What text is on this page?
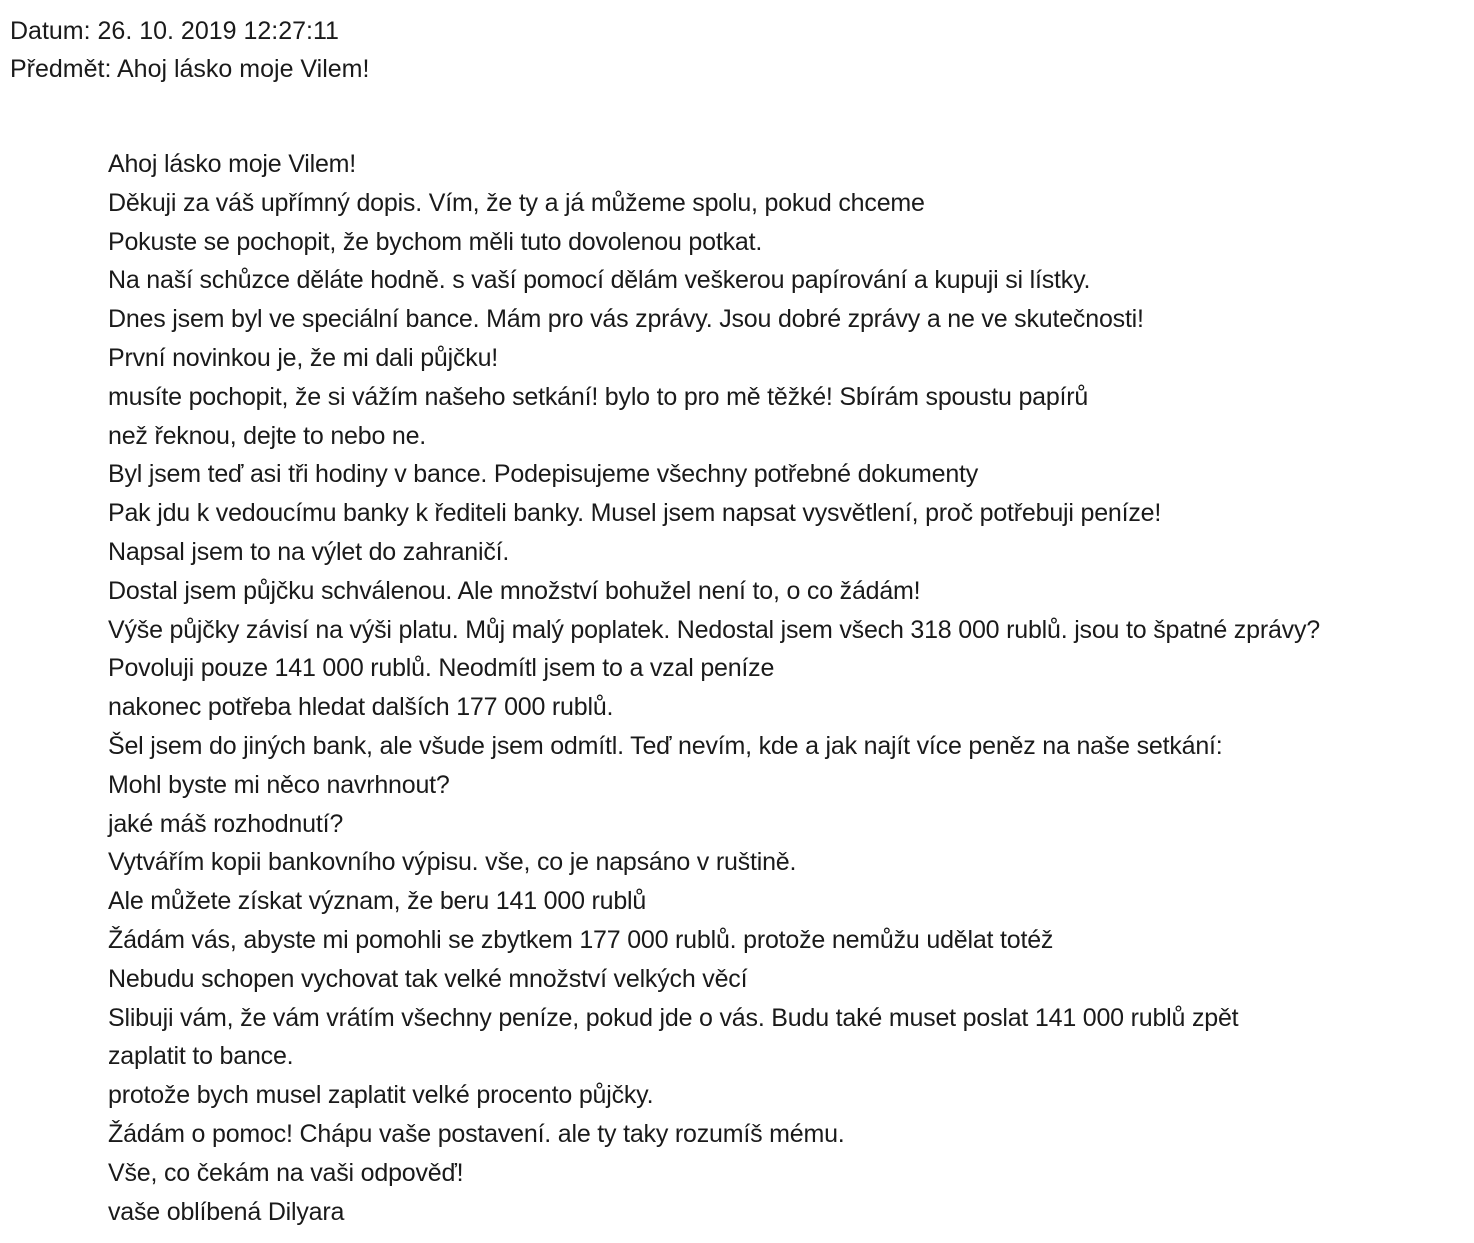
Datum: 26. 10. 2019 12:27:11
Předmět: Ahoj lásko moje Vilem!
Ahoj lásko moje Vilem!
Děkuji za váš upřímný dopis. Vím, že ty a já můžeme spolu, pokud chceme
Pokuste se pochopit, že bychom měli tuto dovolenou potkat.
Na naší schůzce děláte hodně. s vaší pomocí dělám veškerou papírování a kupuji si lístky.
Dnes jsem byl ve speciální bance. Mám pro vás zprávy. Jsou dobré zprávy a ne ve skutečnosti!
První novinkou je, že mi dali půjčku!
musíte pochopit, že si vážím našeho setkání! bylo to pro mě těžké! Sbírám spoustu papírů
než řeknou, dejte to nebo ne.
Byl jsem teď asi tři hodiny v bance. Podepisujeme všechny potřebné dokumenty
Pak jdu k vedoucímu banky k řediteli banky. Musel jsem napsat vysvětlení, proč potřebuji peníze!
Napsal jsem to na výlet do zahraničí.
Dostal jsem půjčku schválenou. Ale množství bohužel není to, o co žádám!
Výše půjčky závisí na výši platu. Můj malý poplatek. Nedostal jsem všech 318 000 rublů. jsou to špatné zprávy?
Povoluji pouze 141 000 rublů. Neodmítl jsem to a vzal peníze
nakonec potřeba hledat dalších 177 000 rublů.
Šel jsem do jiných bank, ale všude jsem odmítl. Teď nevím, kde a jak najít více peněz na naše setkání:
Mohl byste mi něco navrhnout?
jaké máš rozhodnutí?
Vytvářím kopii bankovního výpisu. vše, co je napsáno v ruštině.
Ale můžete získat význam, že beru 141 000 rublů
Žádám vás, abyste mi pomohli se zbytkem 177 000 rublů. protože nemůžu udělat totéž
Nebudu schopen vychovat tak velké množství velkých věcí
Slibuji vám, že vám vrátím všechny peníze, pokud jde o vás. Budu také muset poslat 141 000 rublů zpět
zaplatit to bance.
protože bych musel zaplatit velké procento půjčky.
Žádám o pomoc! Chápu vaše postavení. ale ty taky rozumíš mému.
Vše, co čekám na vaši odpověď!
vaše oblíbená Dilyara
